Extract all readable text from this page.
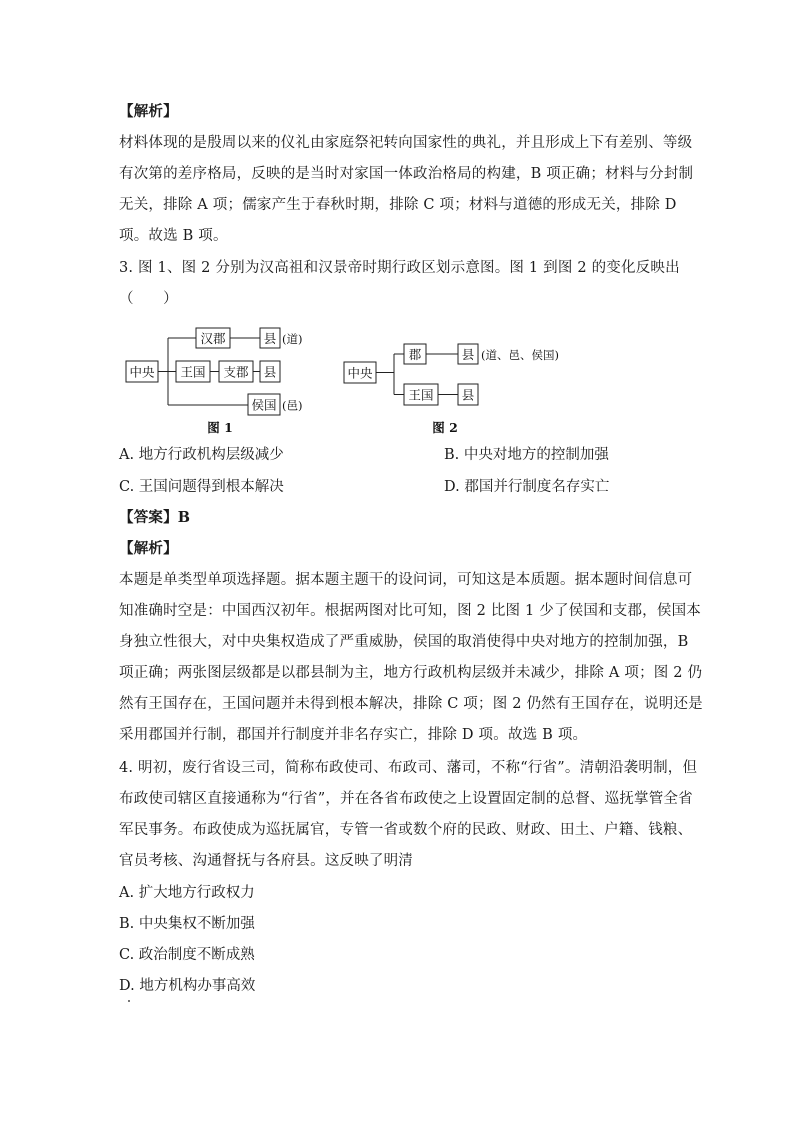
【解析】
材料体现的是殷周以来的仪礼由家庭祭祀转向国家性的典礼，并且形成上下有差别、等级
有次第的差序格局，反映的是当时对家国一体政治格局的构建，B 项正确；材料与分封制
无关，排除 A 项；儒家产生于春秋时期，排除 C 项；材料与道德的形成无关，排除 D
项。故选 B 项。
3. 图 1、图 2 分别为汉高祖和汉景帝时期行政区划示意图。图 1 到图 2 的变化反映出
（　　）
中央
汉郡	县 (道)
王国 支郡 县
侯国 (邑)
图 1
中央
郡	县 (道、邑、侯国)
王国 县
图 2
A. 地方行政机构层级减少	B. 中央对地方的控制加强
C. 王国问题得到根本解决	D. 郡国并行制度名存实亡
【答案】B
【解析】
本题是单类型单项选择题。据本题主题干的设问词，可知这是本质题。据本题时间信息可
知准确时空是：中国西汉初年。根据两图对比可知，图 2 比图 1 少了侯国和支郡，侯国本
身独立性很大，对中央集权造成了严重威胁，侯国的取消使得中央对地方的控制加强，B
项正确；两张图层级都是以郡县制为主，地方行政机构层级并未减少，排除 A 项；图 2 仍
然有王国存在，王国问题并未得到根本解决，排除 C 项；图 2 仍然有王国存在，说明还是
采用郡国并行制，郡国并行制度并非名存实亡，排除 D 项。故选 B 项。
4. 明初，废行省设三司，简称布政使司、布政司、藩司，不称“行省”。清朝沿袭明制，但
布政使司辖区直接通称为“行省”，并在各省布政使之上设置固定制的总督、巡抚掌管全省
军民事务。布政使成为巡抚属官，专管一省或数个府的民政、财政、田土、户籍、钱粮、
官员考核、沟通督抚与各府县。这反映了明清
A. 扩大地方行政权力
B. 中央集权不断加强
C. 政治制度不断成熟
D. 地方机构办事高效
